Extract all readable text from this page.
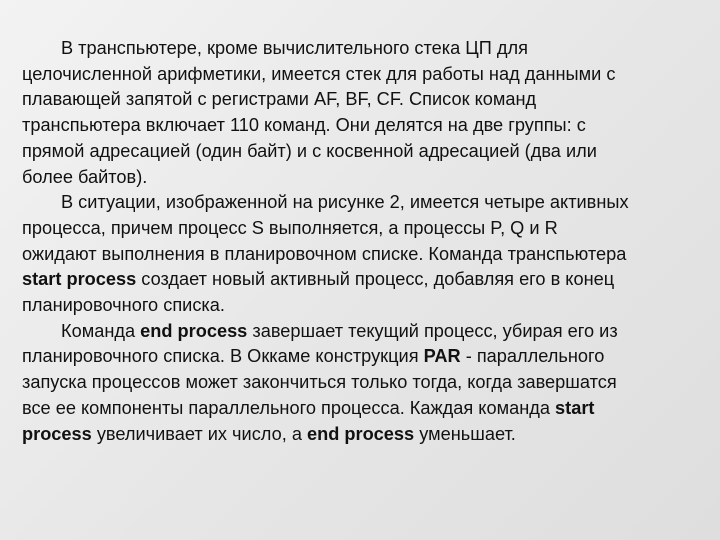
В транспьютере, кроме вычислительного стека ЦП для
целочисленной арифметики, имеется стек для работы над данными с
плавающей запятой с регистрами AF, BF, CF. Список команд
транспьютера включает 110 команд. Они делятся на две группы: с
прямой адресацией (один байт) и с косвенной адресацией (два или
более байтов).
В ситуации, изображенной на рисунке 2, имеется четыре активных
процесса, причем процесс S выполняется, а процессы P, Q и R
ожидают выполнения в планировочном списке. Команда транспьютера
start process создает новый активный процесс, добавляя его в конец
планировочного списка.
Команда end process завершает текущий процесс, убирая его из
планировочного списка. В Оккаме конструкция PAR - параллельного
запуска процессов может закончиться только тогда, когда завершатся
все ее компоненты параллельного процесса. Каждая команда start
process увеличивает их число, а end process уменьшает.
